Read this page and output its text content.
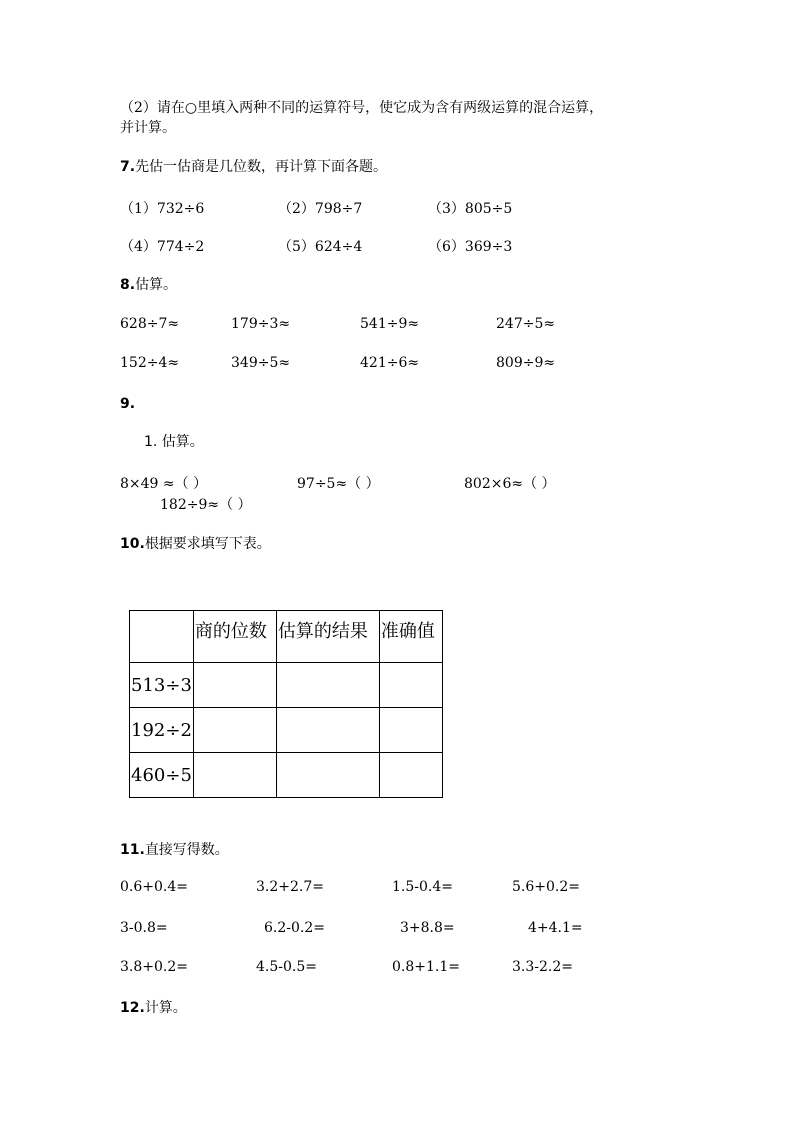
（2）请在○里填入两种不同的运算符号，使它成为含有两级运算的混合运算，
并计算。
7.先估一估商是几位数，再计算下面各题。
（1）732÷6	（2）798÷7	（3）805÷5
（4）774÷2	（5）624÷4	（6）369÷3
8.估算。
628÷7≈	179÷3≈	541÷9≈	247÷5≈
152÷4≈	349÷5≈	421÷6≈	809÷9≈
9.
1. 估算。
8×49 ≈（ ）	97÷5≈（ ）	802×6≈（ ）
182÷9≈（ ）
10.根据要求填写下表。
	商的位数	估算的结果	准确值
513÷3			
192÷2			
460÷5			
11.直接写得数。
0.6+0.4=	3.2+2.7=	1.5-0.4=	5.6+0.2=
3-0.8=	6.2-0.2=	3+8.8=	4+4.1=
3.8+0.2=	4.5-0.5=	0.8+1.1=	3.3-2.2=
12.计算。
